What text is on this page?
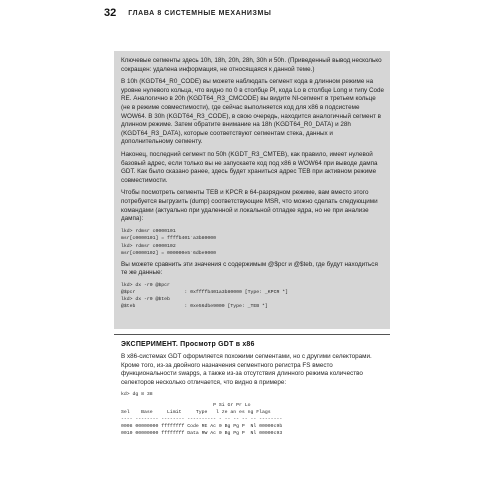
32 ГЛАВА 8 СИСТЕМНЫЕ МЕХАНИЗМЫ

Ключевые сегменты здесь 10h, 18h, 20h, 28h, 30h и 50h. (Приведенный вывод несколько сокращен: удалена информация, не относящаяся к данной теме.)

В 10h (KGDT64_R0_CODE) вы можете наблюдать сегмент кода в длинном режиме на уровне нулевого кольца, что видно по 0 в столбце Pl, кода Lo в столбце Long и типу Code RE. Аналогично в 20h (KGDT64_R3_CMCODE) вы видите Nl-сегмент в третьем кольце (не в режиме совместимости), где сейчас выполняется код для x86 в подсистеме WOW64. В 30h (KGDT64_R3_CODE), в свою очередь, находится аналогичный сегмент в длинном режиме. Затем обратите внимание на 18h (KGDT64_R0_DATA) и 28h (KGDT64_R3_DATA), которые соответствуют сегментам стека, данных и дополнительному сегменту.

Наконец, последний сегмент по 50h (KGDT_R3_CMTEB), как правило, имеет нулевой базовый адрес, если только вы не запускаете код под x86 в WOW64 при выводе дампа GDT. Как было сказано ранее, здесь будет храниться адрес TEB при активном режиме совместимости.

Чтобы посмотреть сегменты TEB и KPCR в 64-разрядном режиме, вам вместо этого потребуется выгрузить (dump) соответствующие MSR, что можно сделать следующими командами (актуально при удаленной и локальной отладке ядра, но не при анализе дампа):

lkd> rdmsr c0000101
msr[c0000101] = ffffb401`a3b80000
lkd> rdmsr c0000102
msr[c0000102] = 000000e5`6dbe9000

Вы можете сравнить эти значения с содержимым @$pcr и @$teb, где будут находиться те же данные:

lkd> dx -r0 @$pcr
@$pcr                 : 0xffffb401a3b80000 [Type: _KPCR *]
lkd> dx -r0 @$teb
@$teb                 : 0xe56dbe9000 [Type: _TEB *]

ЭКСПЕРИМЕНТ. Просмотр GDT в x86

В x86-системах GDT оформляется похожими сегментами, но с другими селекторами. Кроме того, из-за двойного назначения сегментного регистра FS вместо функциональности swapgs, а также из-за отсутствия длинного режима количество селекторов несколько отличается, что видно в примере:

kd> dg 8 38
P Si Gr Pr Lo
Sel    Base     Limit     Type   l ze an es ng Flags
---- -------- -------- ---------- - -- -- -- -- --------
0008 00000000 ffffffff Code RE Ac 0 Bg Pg P  Nl 00000c9b
0010 00000000 ffffffff Data RW Ac 0 Bg Pg P  Nl 00000c93
